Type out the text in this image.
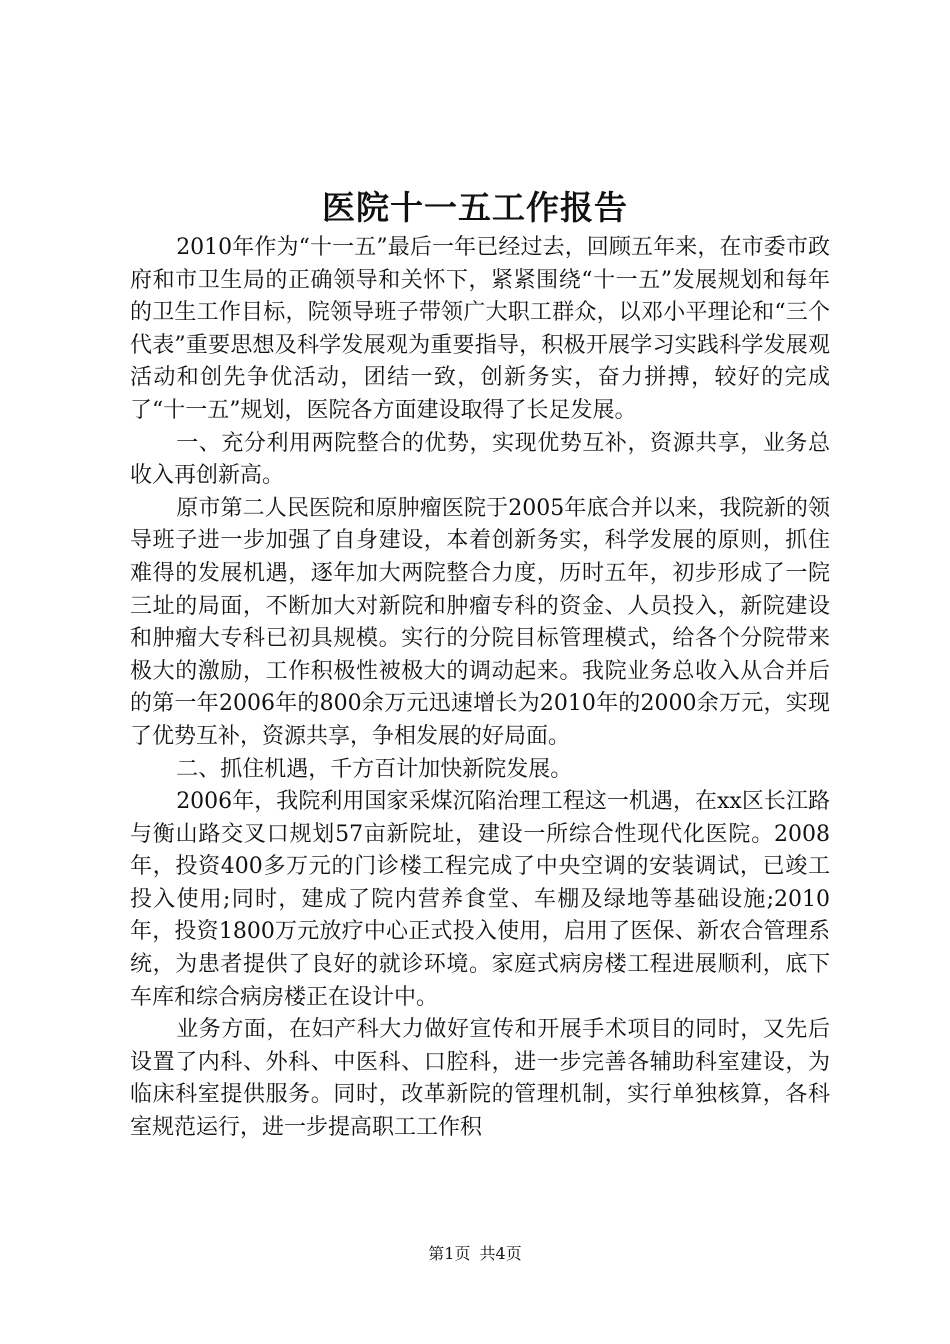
医院十一五工作报告

2010年作为“十一五”最后一年已经过去，回顾五年来，在市委市政府和市卫生局的正确领导和关怀下，紧紧围绕“十一五”发展规划和每年的卫生工作目标，院领导班子带领广大职工群众，以邓小平理论和“三个代表”重要思想及科学发展观为重要指导，积极开展学习实践科学发展观活动和创先争优活动，团结一致，创新务实，奋力拼搏，较好的完成了“十一五”规划，医院各方面建设取得了长足发展。

一、充分利用两院整合的优势，实现优势互补，资源共享，业务总收入再创新高。

原市第二人民医院和原肿瘤医院于2005年底合并以来，我院新的领导班子进一步加强了自身建设，本着创新务实，科学发展的原则，抓住难得的发展机遇，逐年加大两院整合力度，历时五年，初步形成了一院三址的局面，不断加大对新院和肿瘤专科的资金、人员投入，新院建设和肿瘤大专科已初具规模。实行的分院目标管理模式，给各个分院带来极大的激励，工作积极性被极大的调动起来。我院业务总收入从合并后的第一年2006年的800余万元迅速增长为2010年的2000余万元，实现了优势互补，资源共享，争相发展的好局面。

二、抓住机遇，千方百计加快新院发展。

2006年，我院利用国家采煤沉陷治理工程这一机遇，在xx区长江路与衡山路交叉口规划57亩新院址，建设一所综合性现代化医院。2008年，投资400多万元的门诊楼工程完成了中央空调的安装调试，已竣工投入使用;同时，建成了院内营养食堂、车棚及绿地等基础设施;2010年，投资1800万元放疗中心正式投入使用，启用了医保、新农合管理系统，为患者提供了良好的就诊环境。家庭式病房楼工程进展顺利，底下车库和综合病房楼正在设计中。

业务方面，在妇产科大力做好宣传和开展手术项目的同时，又先后设置了内科、外科、中医科、口腔科，进一步完善各辅助科室建设，为临床科室提供服务。同时，改革新院的管理机制，实行单独核算，各科室规范运行，进一步提高职工工作积

第1页 共4页
